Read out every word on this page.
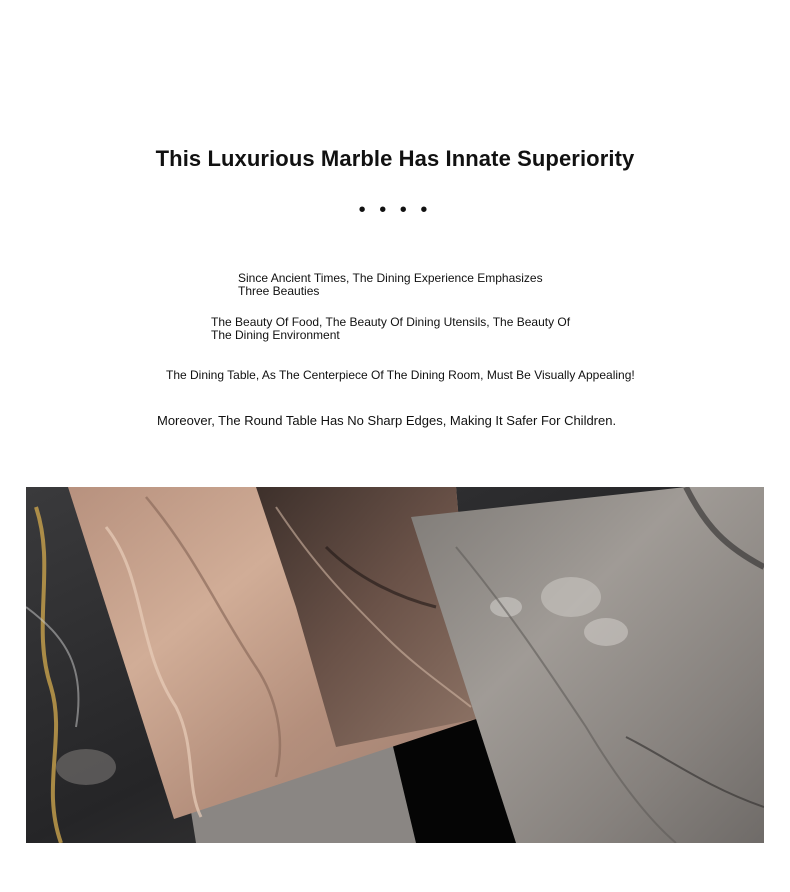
This Luxurious Marble Has Innate Superiority
• • • •
Since Ancient Times, The Dining Experience Emphasizes
Three Beauties
The Beauty Of Food, The Beauty Of Dining Utensils, The Beauty Of
The Dining Environment
The Dining Table, As The Centerpiece Of The Dining Room, Must Be Visually Appealing!
Moreover, The Round Table Has No Sharp Edges, Making It Safer For Children.
